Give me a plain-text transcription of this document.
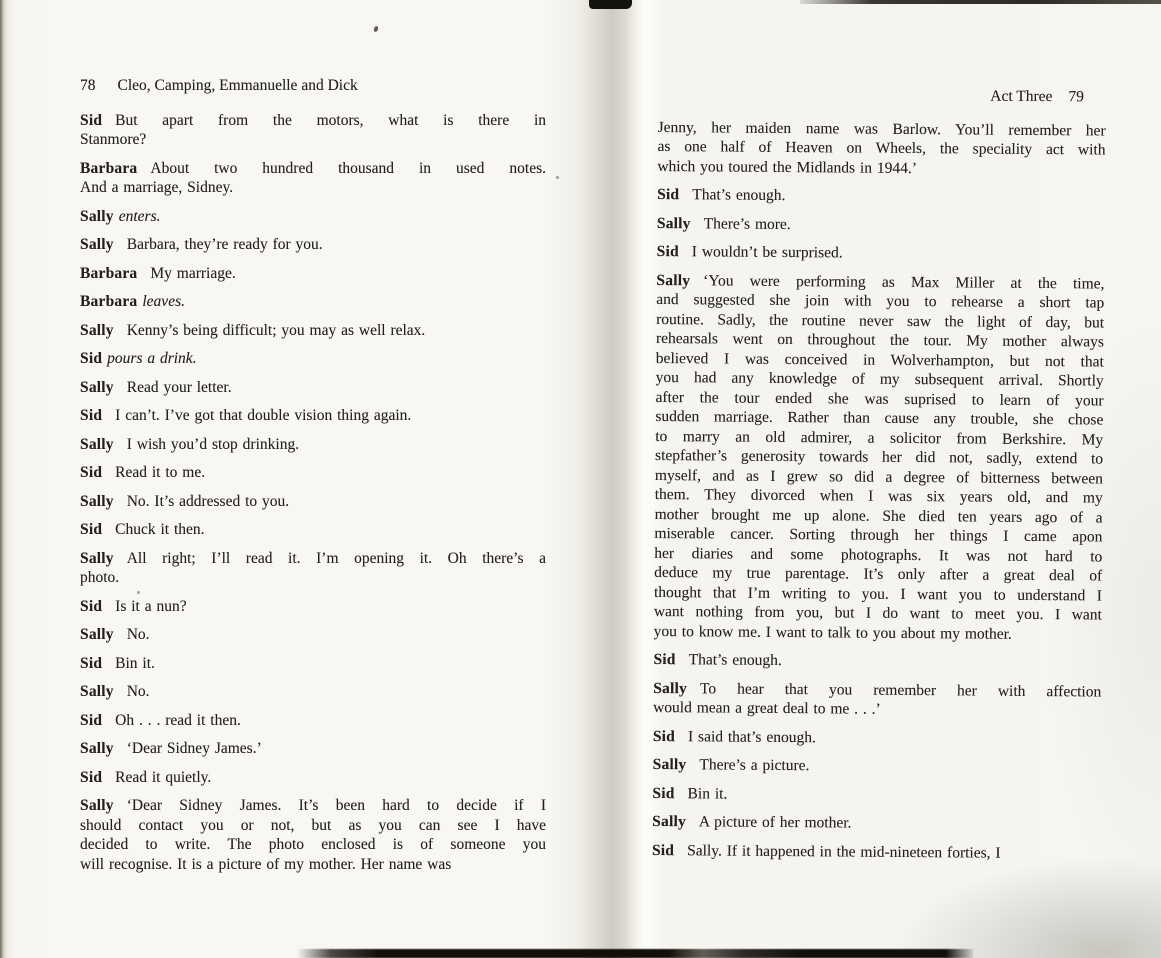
78 Cleo, Camping, Emmanuelle and Dick
Sid But apart from the motors, what is there in
Stanmore?
Barbara About two hundred thousand in used notes.
And a marriage, Sidney.
Sally enters.
Sally Barbara, they’re ready for you.
Barbara My marriage.
Barbara leaves.
Sally Kenny’s being difficult; you may as well relax.
Sid pours a drink.
Sally Read your letter.
Sid I can’t. I’ve got that double vision thing again.
Sally I wish you’d stop drinking.
Sid Read it to me.
Sally No. It’s addressed to you.
Sid Chuck it then.
Sally All right; I’ll read it. I’m opening it. Oh there’s a
photo.
Sid Is it a nun?
Sally No.
Sid Bin it.
Sally No.
Sid Oh . . . read it then.
Sally ‘Dear Sidney James.’
Sid Read it quietly.
Sally ‘Dear Sidney James. It’s been hard to decide if I
should contact you or not, but as you can see I have
decided to write. The photo enclosed is of someone you
will recognise. It is a picture of my mother. Her name was
Act Three 79
Jenny, her maiden name was Barlow. You’ll remember her
as one half of Heaven on Wheels, the speciality act with
which you toured the Midlands in 1944.’
Sid That’s enough.
Sally There’s more.
Sid I wouldn’t be surprised.
Sally ‘You were performing as Max Miller at the time,
and suggested she join with you to rehearse a short tap
routine. Sadly, the routine never saw the light of day, but
rehearsals went on throughout the tour. My mother always
believed I was conceived in Wolverhampton, but not that
you had any knowledge of my subsequent arrival. Shortly
after the tour ended she was suprised to learn of your
sudden marriage. Rather than cause any trouble, she chose
to marry an old admirer, a solicitor from Berkshire. My
stepfather’s generosity towards her did not, sadly, extend to
myself, and as I grew so did a degree of bitterness between
them. They divorced when I was six years old, and my
mother brought me up alone. She died ten years ago of a
miserable cancer. Sorting through her things I came apon
her diaries and some photographs. It was not hard to
deduce my true parentage. It’s only after a great deal of
thought that I’m writing to you. I want you to understand I
want nothing from you, but I do want to meet you. I want
you to know me. I want to talk to you about my mother.
Sid That’s enough.
Sally To hear that you remember her with affection
would mean a great deal to me . . .’
Sid I said that’s enough.
Sally There’s a picture.
Sid Bin it.
Sally A picture of her mother.
Sid Sally. If it happened in the mid-nineteen forties, I
